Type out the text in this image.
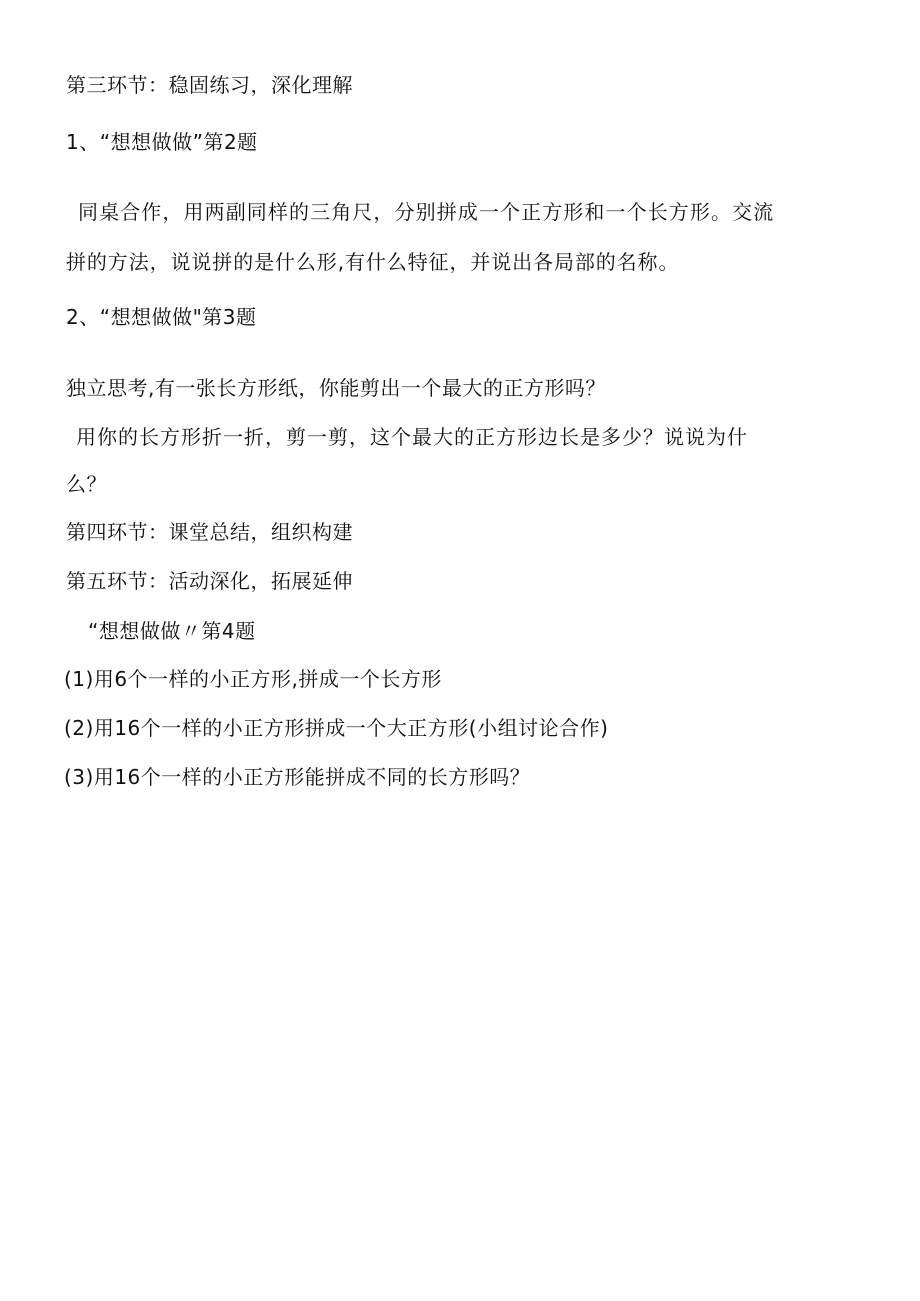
第三环节：稳固练习，深化理解
1、“想想做做”第2题
同桌合作，用两副同样的三角尺，分别拼成一个正方形和一个长方形。交流
拼的方法，说说拼的是什么形,有什么特征，并说出各局部的名称。
2、“想想做做"第3题
独立思考,有一张长方形纸，你能剪出一个最大的正方形吗？
用你的长方形折一折，剪一剪，这个最大的正方形边长是多少？说说为什
么？
第四环节：课堂总结，组织构建
第五环节：活动深化，拓展延伸
“想想做做〃第4题
(1)用6个一样的小正方形,拼成一个长方形
(2)用16个一样的小正方形拼成一个大正方形(小组讨论合作)
(3)用16个一样的小正方形能拼成不同的长方形吗？
